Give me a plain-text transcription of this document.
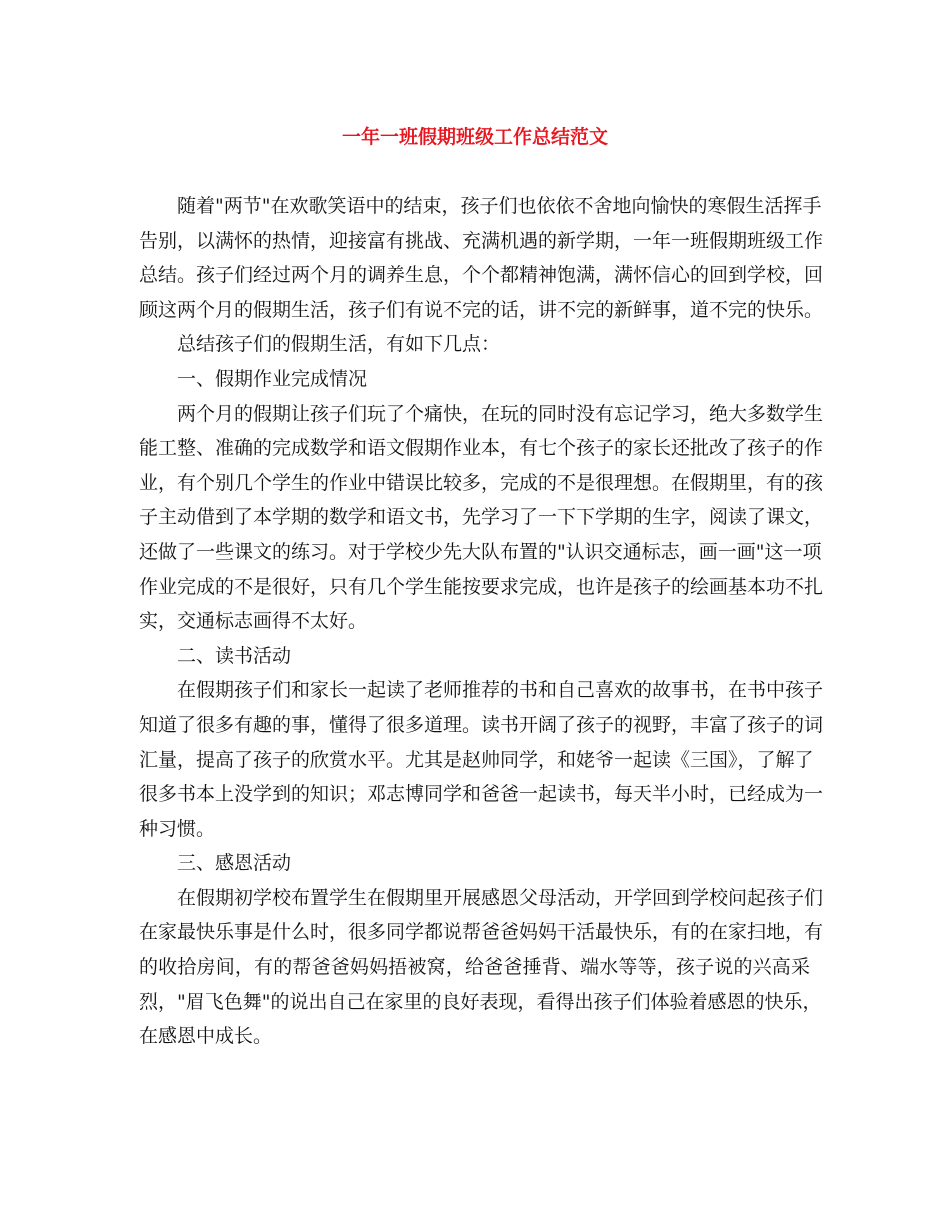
一年一班假期班级工作总结范文
随着"两节"在欢歌笑语中的结束，孩子们也依依不舍地向愉快的寒假生活挥手
告别，以满怀的热情，迎接富有挑战、充满机遇的新学期，一年一班假期班级工作
总结。孩子们经过两个月的调养生息，个个都精神饱满，满怀信心的回到学校，回
顾这两个月的假期生活，孩子们有说不完的话，讲不完的新鲜事，道不完的快乐。
总结孩子们的假期生活，有如下几点：
一、假期作业完成情况
两个月的假期让孩子们玩了个痛快，在玩的同时没有忘记学习，绝大多数学生
能工整、准确的完成数学和语文假期作业本，有七个孩子的家长还批改了孩子的作
业，有个别几个学生的作业中错误比较多，完成的不是很理想。在假期里，有的孩
子主动借到了本学期的数学和语文书，先学习了一下下学期的生字，阅读了课文，
还做了一些课文的练习。对于学校少先大队布置的"认识交通标志，画一画"这一项
作业完成的不是很好，只有几个学生能按要求完成，也许是孩子的绘画基本功不扎
实，交通标志画得不太好。
二、读书活动
在假期孩子们和家长一起读了老师推荐的书和自己喜欢的故事书，在书中孩子
知道了很多有趣的事，懂得了很多道理。读书开阔了孩子的视野，丰富了孩子的词
汇量，提高了孩子的欣赏水平。尤其是赵帅同学，和姥爷一起读《三国》，了解了
很多书本上没学到的知识；邓志博同学和爸爸一起读书，每天半小时，已经成为一
种习惯。
三、感恩活动
在假期初学校布置学生在假期里开展感恩父母活动，开学回到学校问起孩子们
在家最快乐事是什么时，很多同学都说帮爸爸妈妈干活最快乐，有的在家扫地，有
的收拾房间，有的帮爸爸妈妈捂被窝，给爸爸捶背、端水等等，孩子说的兴高采
烈，"眉飞色舞"的说出自己在家里的良好表现，看得出孩子们体验着感恩的快乐，
在感恩中成长。
